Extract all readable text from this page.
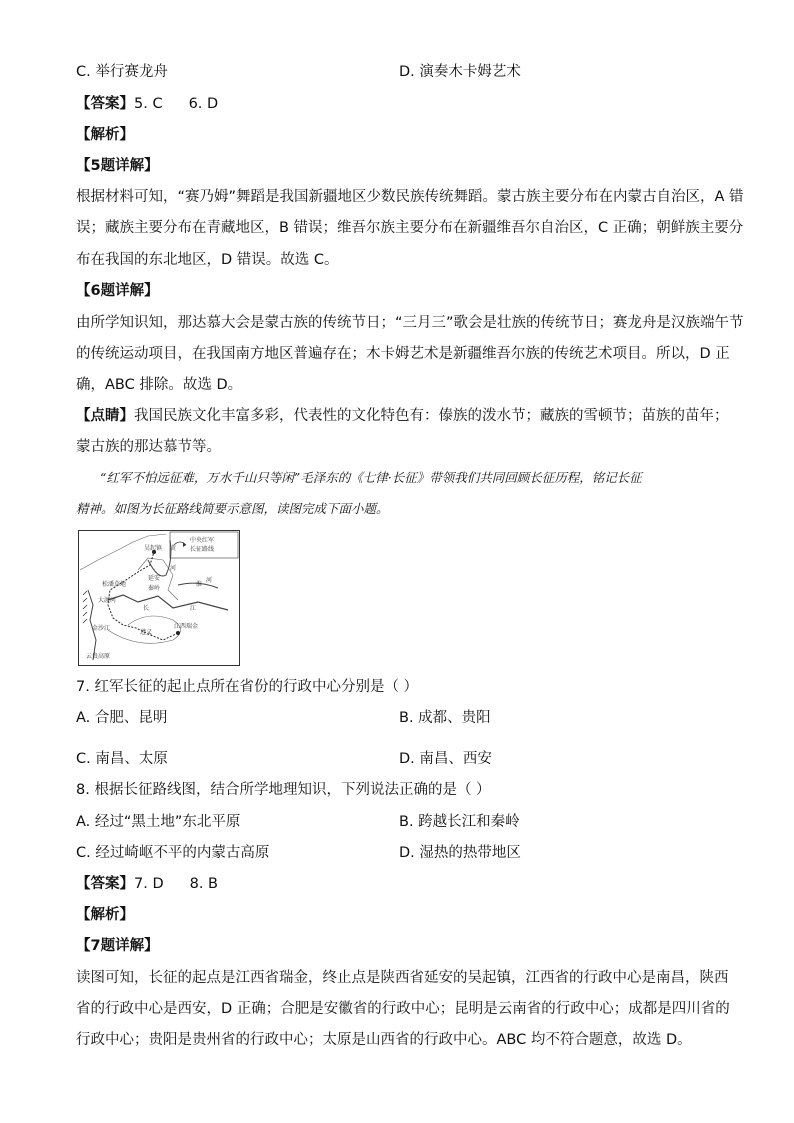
C. 举行赛龙舟	D. 演奏木卡姆艺术
【答案】5. C 6. D
【解析】
【5题详解】
根据材料可知，“赛乃姆”舞蹈是我国新疆地区少数民族传统舞蹈。蒙古族主要分布在内蒙古自治区，A 错
误；藏族主要分布在青藏地区，B 错误；维吾尔族主要分布在新疆维吾尔自治区，C 正确；朝鲜族主要分
布在我国的东北地区，D 错误。故选 C。
【6题详解】
由所学知识知，那达慕大会是蒙古族的传统节日；“三月三”歌会是壮族的传统节日；赛龙舟是汉族端午节
的传统运动项目，在我国南方地区普遍存在；木卡姆艺术是新疆维吾尔族的传统艺术项目。所以，D 正
确，ABC 排除。故选 D。
【点睛】我国民族文化丰富多彩，代表性的文化特色有：傣族的泼水节；藏族的雪顿节；苗族的苗年；
蒙古族的那达慕节等。
“红军不怕远征难，万水千山只等闲”毛泽东的《七律·长征》带领我们共同回顾长征历程，铭记长征
精神。如图为长征路线简要示意图，读图完成下面小题。
中央红军
长征路线
吴起镇
延安
秦岭
黄
河
淮
河
长	江
松潘草地
遵义
江西瑞金
云贵高原
大渡河
金沙江
7. 红军长征的起止点所在省份的行政中心分别是（ ）
A. 合肥、昆明	B. 成都、贵阳
C. 南昌、太原	D. 南昌、西安
8. 根据长征路线图，结合所学地理知识，下列说法正确的是（ ）
A. 经过“黑土地”东北平原	B. 跨越长江和秦岭
C. 经过崎岖不平的内蒙古高原	D. 湿热的热带地区
【答案】7. D 8. B
【解析】
【7题详解】
读图可知，长征的起点是江西省瑞金，终止点是陕西省延安的吴起镇，江西省的行政中心是南昌，陕西
省的行政中心是西安，D 正确；合肥是安徽省的行政中心；昆明是云南省的行政中心；成都是四川省的
行政中心；贵阳是贵州省的行政中心；太原是山西省的行政中心。ABC 均不符合题意，故选 D。
